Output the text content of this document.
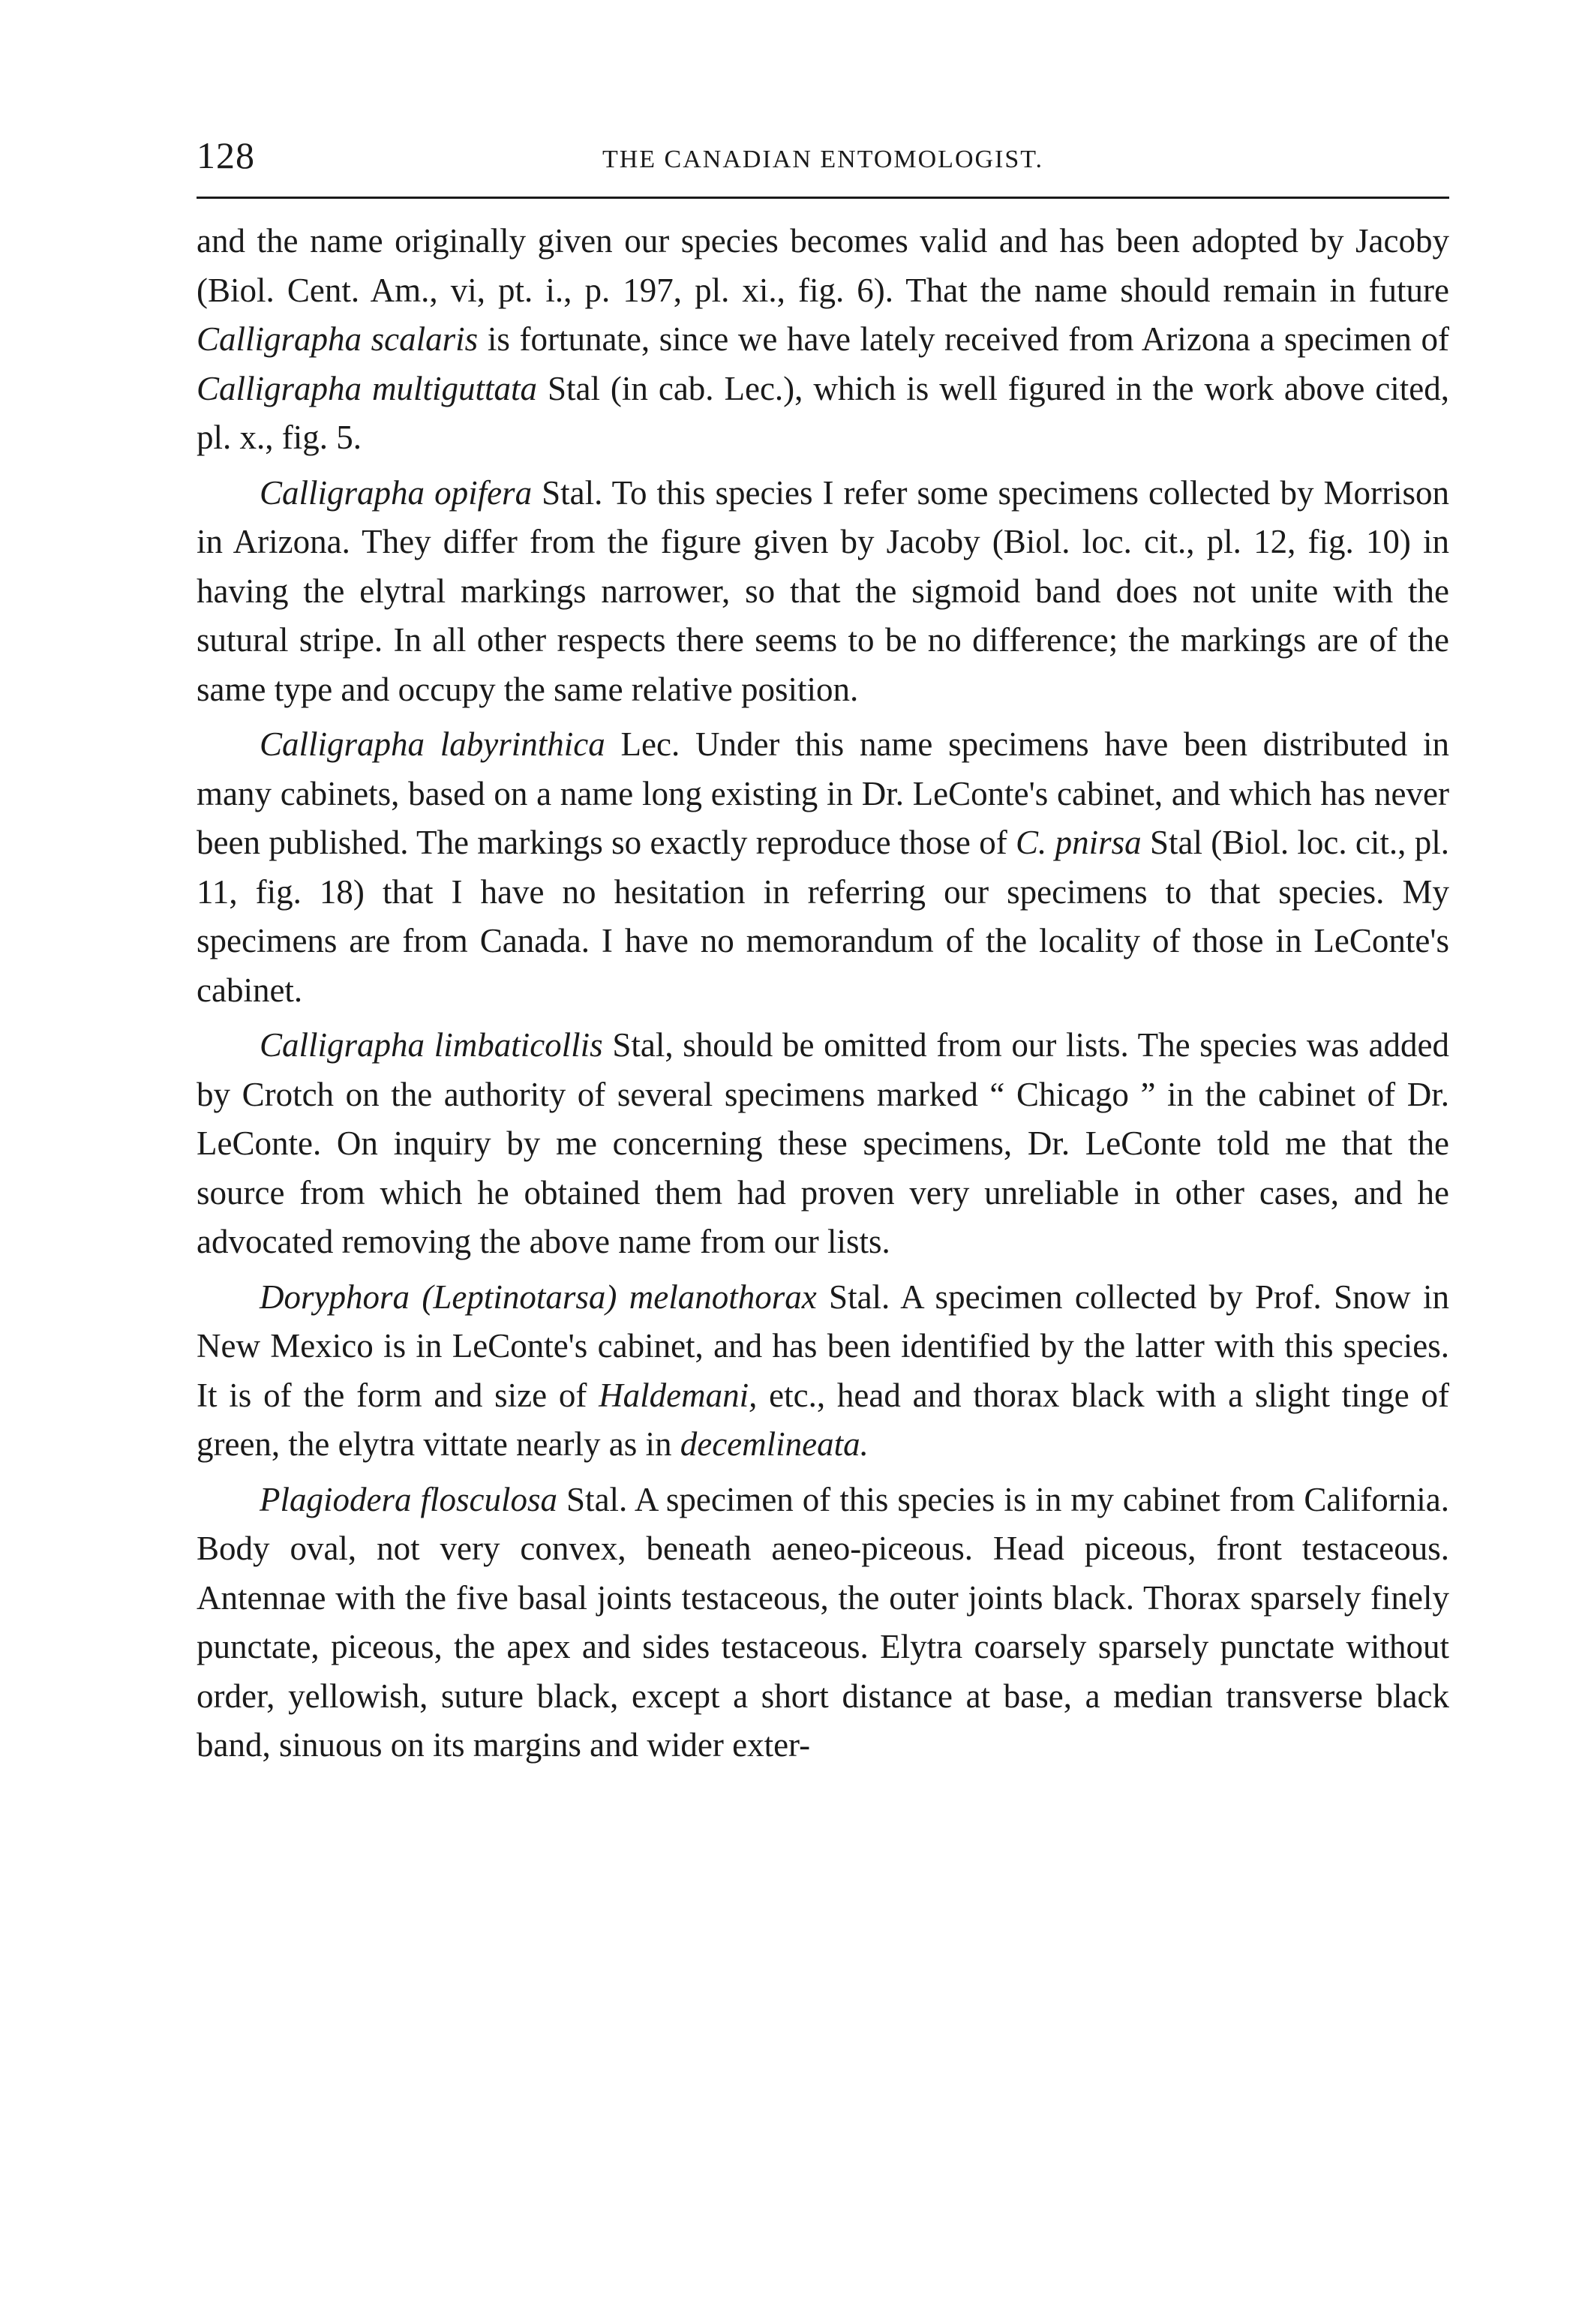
128	THE CANADIAN ENTOMOLOGIST.

and the name originally given our species becomes valid and has been adopted by Jacoby (Biol. Cent. Am., vi, pt. i., p. 197, pl. xi., fig. 6). That the name should remain in future Calligrapha scalaris is fortunate, since we have lately received from Arizona a specimen of Calligrapha multiguttata Stal (in cab. Lec.), which is well figured in the work above cited, pl. x., fig. 5.

Calligrapha opifera Stal. To this species I refer some specimens collected by Morrison in Arizona. They differ from the figure given by Jacoby (Biol. loc. cit., pl. 12, fig. 10) in having the elytral markings narrower, so that the sigmoid band does not unite with the sutural stripe. In all other respects there seems to be no difference; the markings are of the same type and occupy the same relative position.

Calligrapha labyrinthica Lec. Under this name specimens have been distributed in many cabinets, based on a name long existing in Dr. LeConte's cabinet, and which has never been published. The markings so exactly reproduce those of C. pnirsa Stal (Biol. loc. cit., pl. 11, fig. 18) that I have no hesitation in referring our specimens to that species. My specimens are from Canada. I have no memorandum of the locality of those in LeConte's cabinet.

Calligrapha limbaticollis Stal, should be omitted from our lists. The species was added by Crotch on the authority of several specimens marked “ Chicago ” in the cabinet of Dr. LeConte. On inquiry by me concerning these specimens, Dr. LeConte told me that the source from which he obtained them had proven very unreliable in other cases, and he advocated removing the above name from our lists.

Doryphora (Leptinotarsa) melanothorax Stal. A specimen collected by Prof. Snow in New Mexico is in LeConte's cabinet, and has been identified by the latter with this species. It is of the form and size of Haldemani, etc., head and thorax black with a slight tinge of green, the elytra vittate nearly as in decemlineata.

Plagiodera flosculosa Stal. A specimen of this species is in my cabinet from California. Body oval, not very convex, beneath aeneo-piceous. Head piceous, front testaceous. Antennae with the five basal joints testaceous, the outer joints black. Thorax sparsely finely punctate, piceous, the apex and sides testaceous. Elytra coarsely sparsely punctate without order, yellowish, suture black, except a short distance at base, a median transverse black band, sinuous on its margins and wider exter-
